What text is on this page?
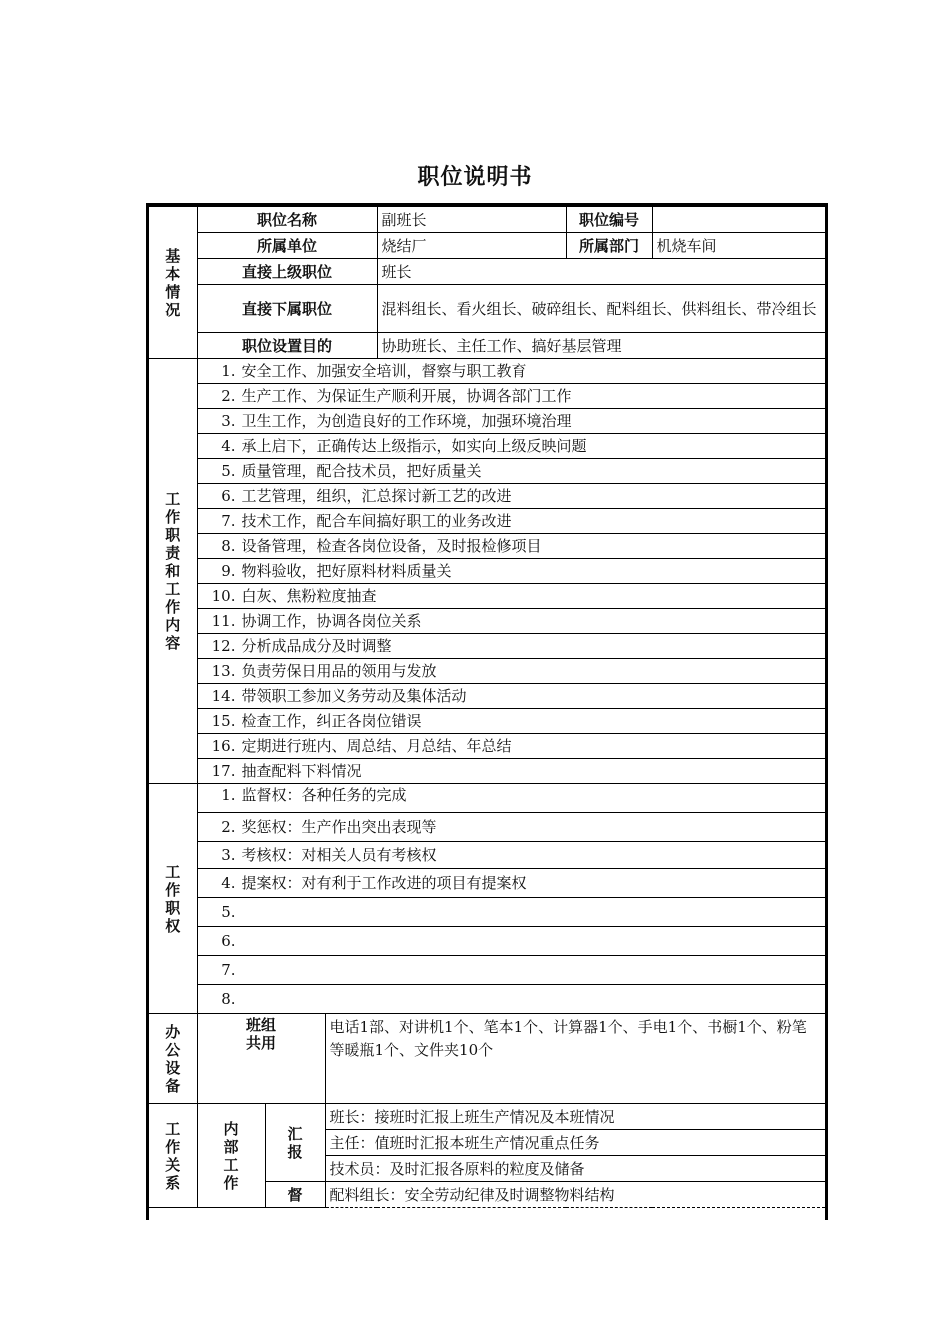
职位说明书
基本情况	职位名称			副班长	职位编号	
	所属单位			烧结厂	所属部门	机烧车间
	直接上级职位			班长		
	直接下属职位			混料组长、看火组长、破碎组长、配料组长、供料组长、带冷组长		
	职位设置目的			协助班长、主任工作、搞好基层管理		
工作职责和工作内容	1. 安全工作、加强安全培训，督察与职工教育					
	2. 生产工作、为保证生产顺利开展，协调各部门工作					
	3. 卫生工作，为创造良好的工作环境，加强环境治理					
	4. 承上启下，正确传达上级指示，如实向上级反映问题					
	5. 质量管理，配合技术员，把好质量关					
	6. 工艺管理，组织，汇总探讨新工艺的改进					
	7. 技术工作，配合车间搞好职工的业务改进					
	8. 设备管理，检查各岗位设备，及时报检修项目					
	9. 物料验收，把好原料材料质量关					
	10. 白灰、焦粉粒度抽查					
	11. 协调工作，协调各岗位关系					
	12. 分析成品成分及时调整					
	13. 负责劳保日用品的领用与发放					
	14. 带领职工参加义务劳动及集体活动					
	15. 检查工作，纠正各岗位错误					
	16. 定期进行班内、周总结、月总结、年总结					
	17. 抽查配料下料情况					
工作职权	1. 监督权：各种任务的完成					
	2. 奖惩权：生产作出突出表现等					
	3. 考核权：对相关人员有考核权					
	4. 提案权：对有利于工作改进的项目有提案权					
	5.					
	6.					
	7.					
	8.					
办公设备	班组共用		电话1部、对讲机1个、笔本1个、计算器1个、手电1个、书橱1个、粉笔等暖瓶1个、文件夹10个			
工作关系	内部工作	汇报	班长：接班时汇报上班生产情况及本班情况			
			主任：值班时汇报本班生产情况重点任务			
			技术员：及时汇报各原料的粒度及储备			
		督	配料组长：安全劳动纪律及时调整物料结构			
